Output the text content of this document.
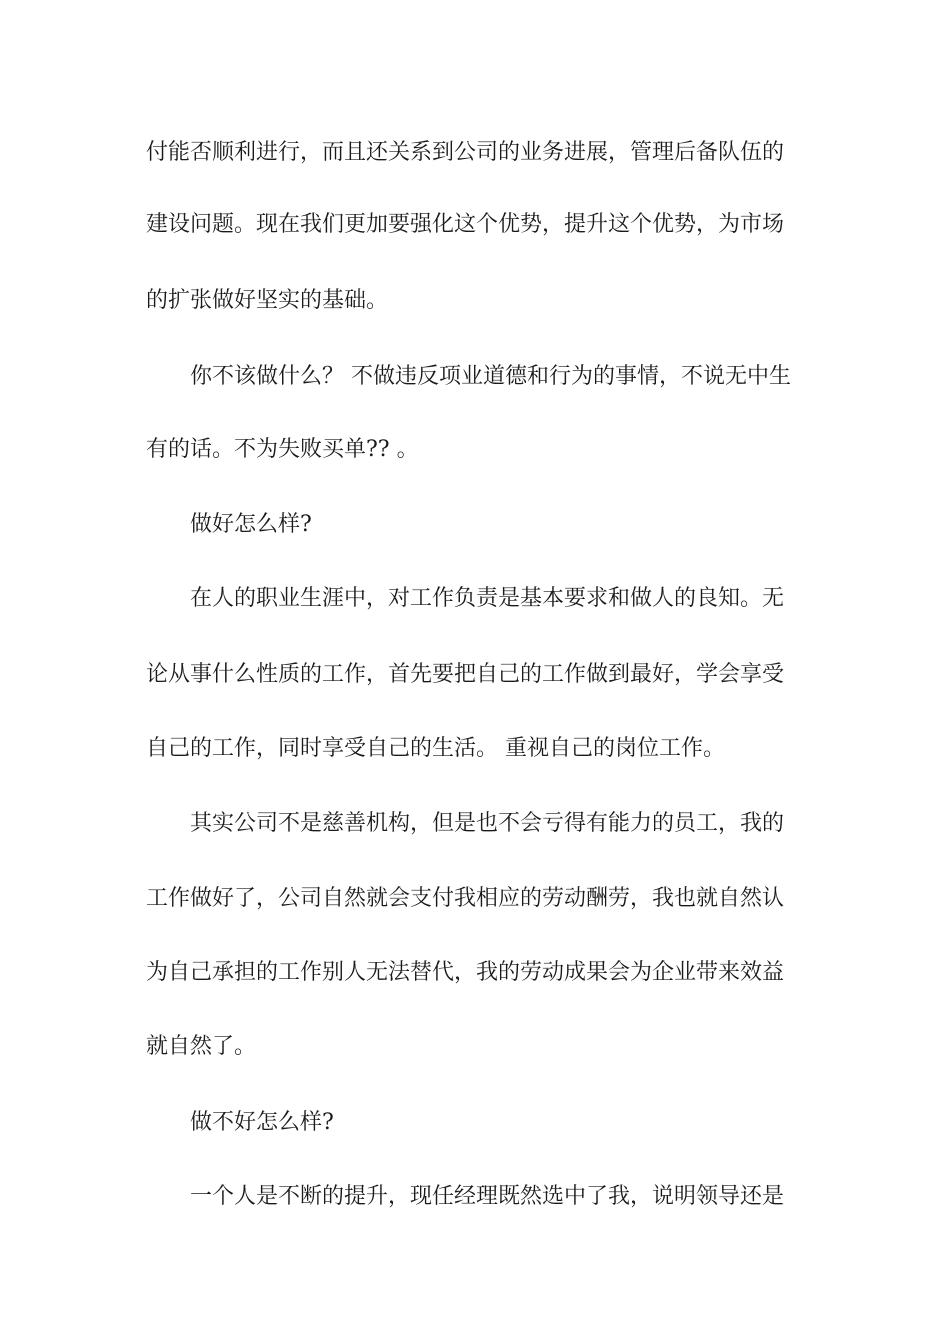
付能否顺利进行，而且还关系到公司的业务进展，管理后备队伍的
建设问题。现在我们更加要强化这个优势，提升这个优势，为市场
的扩张做好坚实的基础。
你不该做什么？ 不做违反项业道德和行为的事情，不说无中生
有的话。不为失败买单?? 。
做好怎么样?
在人的职业生涯中，对工作负责是基本要求和做人的良知。无
论从事什么性质的工作，首先要把自己的工作做到最好，学会享受
自己的工作，同时享受自己的生活。 重视自己的岗位工作。
其实公司不是慈善机构，但是也不会亏得有能力的员工，我的
工作做好了，公司自然就会支付我相应的劳动酬劳，我也就自然认
为自己承担的工作别人无法替代，我的劳动成果会为企业带来效益
就自然了。
做不好怎么样?
一个人是不断的提升，现任经理既然选中了我，说明领导还是
